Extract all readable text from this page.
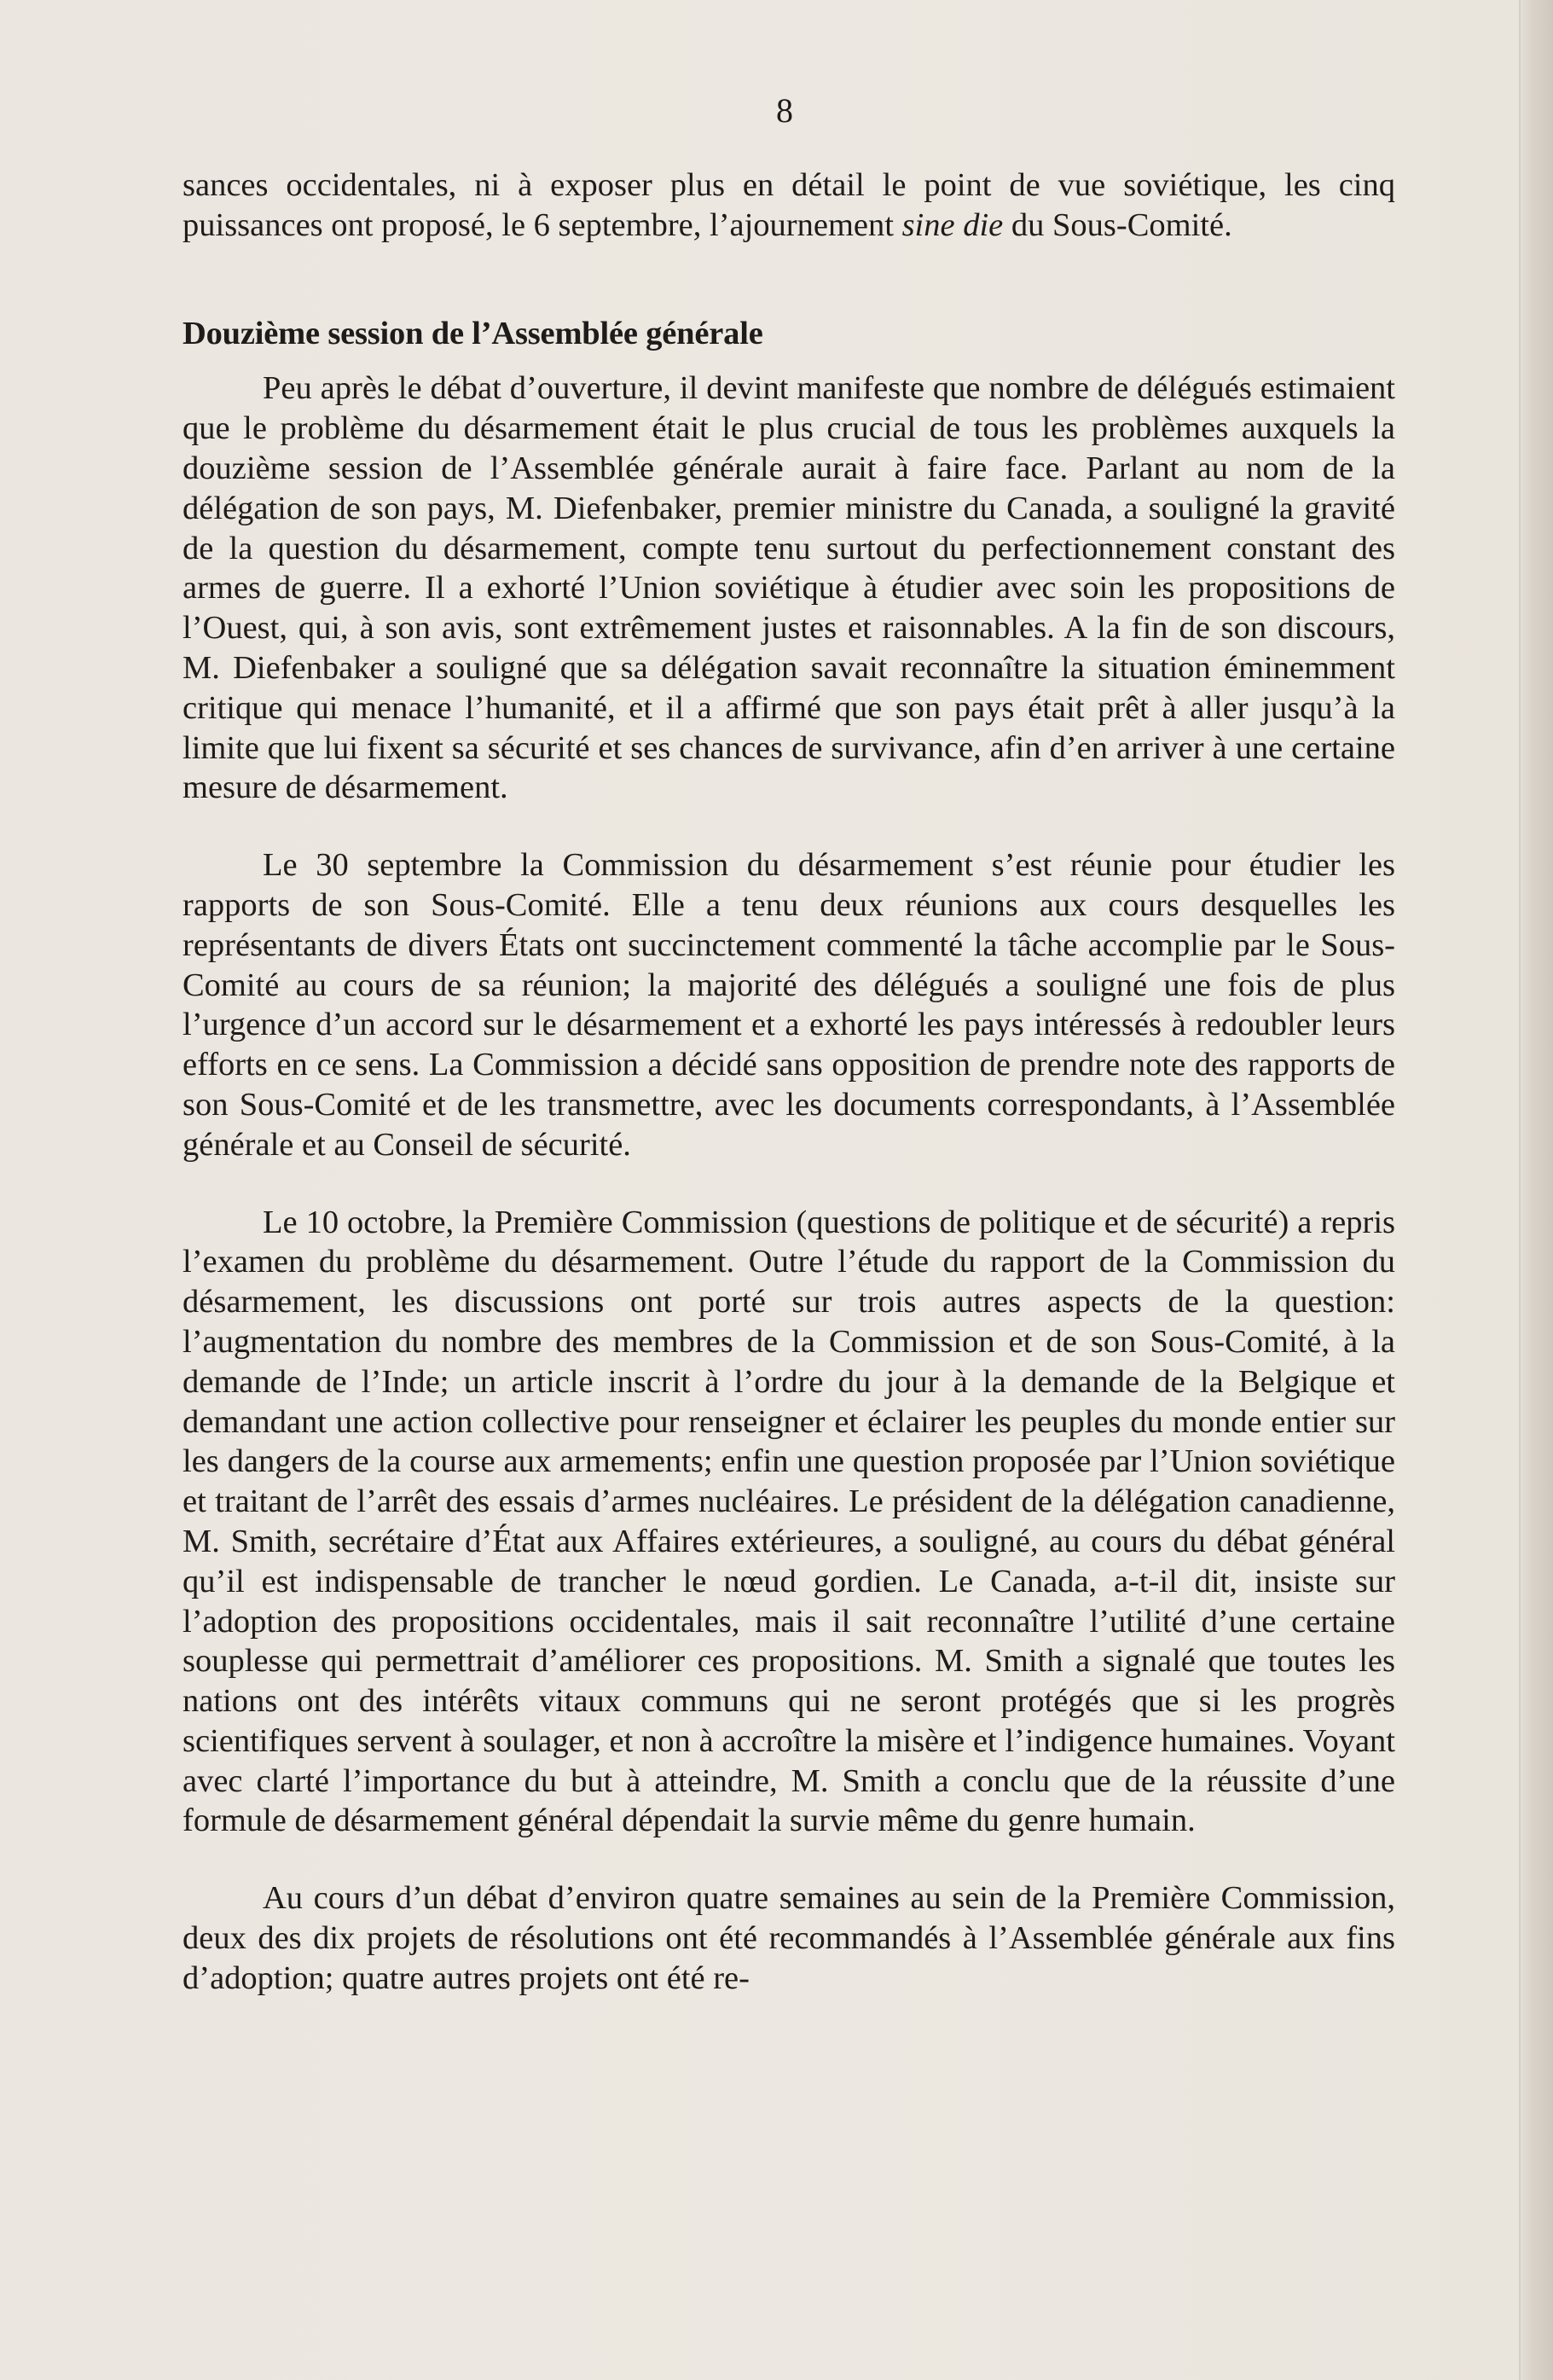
8

sances occidentales, ni à exposer plus en détail le point de vue soviétique, les cinq puissances ont proposé, le 6 septembre, l’ajournement sine die du Sous-Comité.

Douzième session de l’Assemblée générale

Peu après le débat d’ouverture, il devint manifeste que nombre de délégués estimaient que le problème du désarmement était le plus crucial de tous les problèmes auxquels la douzième session de l’Assemblée générale aurait à faire face. Parlant au nom de la délégation de son pays, M. Diefenbaker, premier ministre du Canada, a souligné la gravité de la question du désarmement, compte tenu surtout du perfectionnement constant des armes de guerre. Il a exhorté l’Union soviétique à étudier avec soin les propositions de l’Ouest, qui, à son avis, sont extrêmement justes et raisonnables. A la fin de son discours, M. Diefenbaker a souligné que sa délégation savait reconnaître la situation éminemment critique qui menace l’humanité, et il a affirmé que son pays était prêt à aller jusqu’à la limite que lui fixent sa sécurité et ses chances de survivance, afin d’en arriver à une certaine mesure de désarmement.

Le 30 septembre la Commission du désarmement s’est réunie pour étudier les rapports de son Sous-Comité. Elle a tenu deux réunions aux cours desquelles les représentants de divers États ont succinctement commenté la tâche accomplie par le Sous-Comité au cours de sa réunion; la majorité des délégués a souligné une fois de plus l’urgence d’un accord sur le désarmement et a exhorté les pays intéressés à redoubler leurs efforts en ce sens. La Commission a décidé sans opposition de prendre note des rapports de son Sous-Comité et de les transmettre, avec les documents correspondants, à l’Assemblée générale et au Conseil de sécurité.

Le 10 octobre, la Première Commission (questions de politique et de sécurité) a repris l’examen du problème du désarmement. Outre l’étude du rapport de la Commission du désarmement, les discussions ont porté sur trois autres aspects de la question: l’augmentation du nombre des membres de la Commission et de son Sous-Comité, à la demande de l’Inde; un article inscrit à l’ordre du jour à la demande de la Belgique et demandant une action collective pour renseigner et éclairer les peuples du monde entier sur les dangers de la course aux armements; enfin une question proposée par l’Union soviétique et traitant de l’arrêt des essais d’armes nucléaires. Le président de la délégation canadienne, M. Smith, secrétaire d’État aux Affaires extérieures, a souligné, au cours du débat général qu’il est indispensable de trancher le nœud gordien. Le Canada, a-t-il dit, insiste sur l’adoption des propositions occidentales, mais il sait reconnaître l’utilité d’une certaine souplesse qui permettrait d’améliorer ces propositions. M. Smith a signalé que toutes les nations ont des intérêts vitaux communs qui ne seront protégés que si les progrès scientifiques servent à soulager, et non à accroître la misère et l’indigence humaines. Voyant avec clarté l’importance du but à atteindre, M. Smith a conclu que de la réussite d’une formule de désarmement général dépendait la survie même du genre humain.

Au cours d’un débat d’environ quatre semaines au sein de la Première Commission, deux des dix projets de résolutions ont été recommandés à l’Assemblée générale aux fins d’adoption; quatre autres projets ont été re-
